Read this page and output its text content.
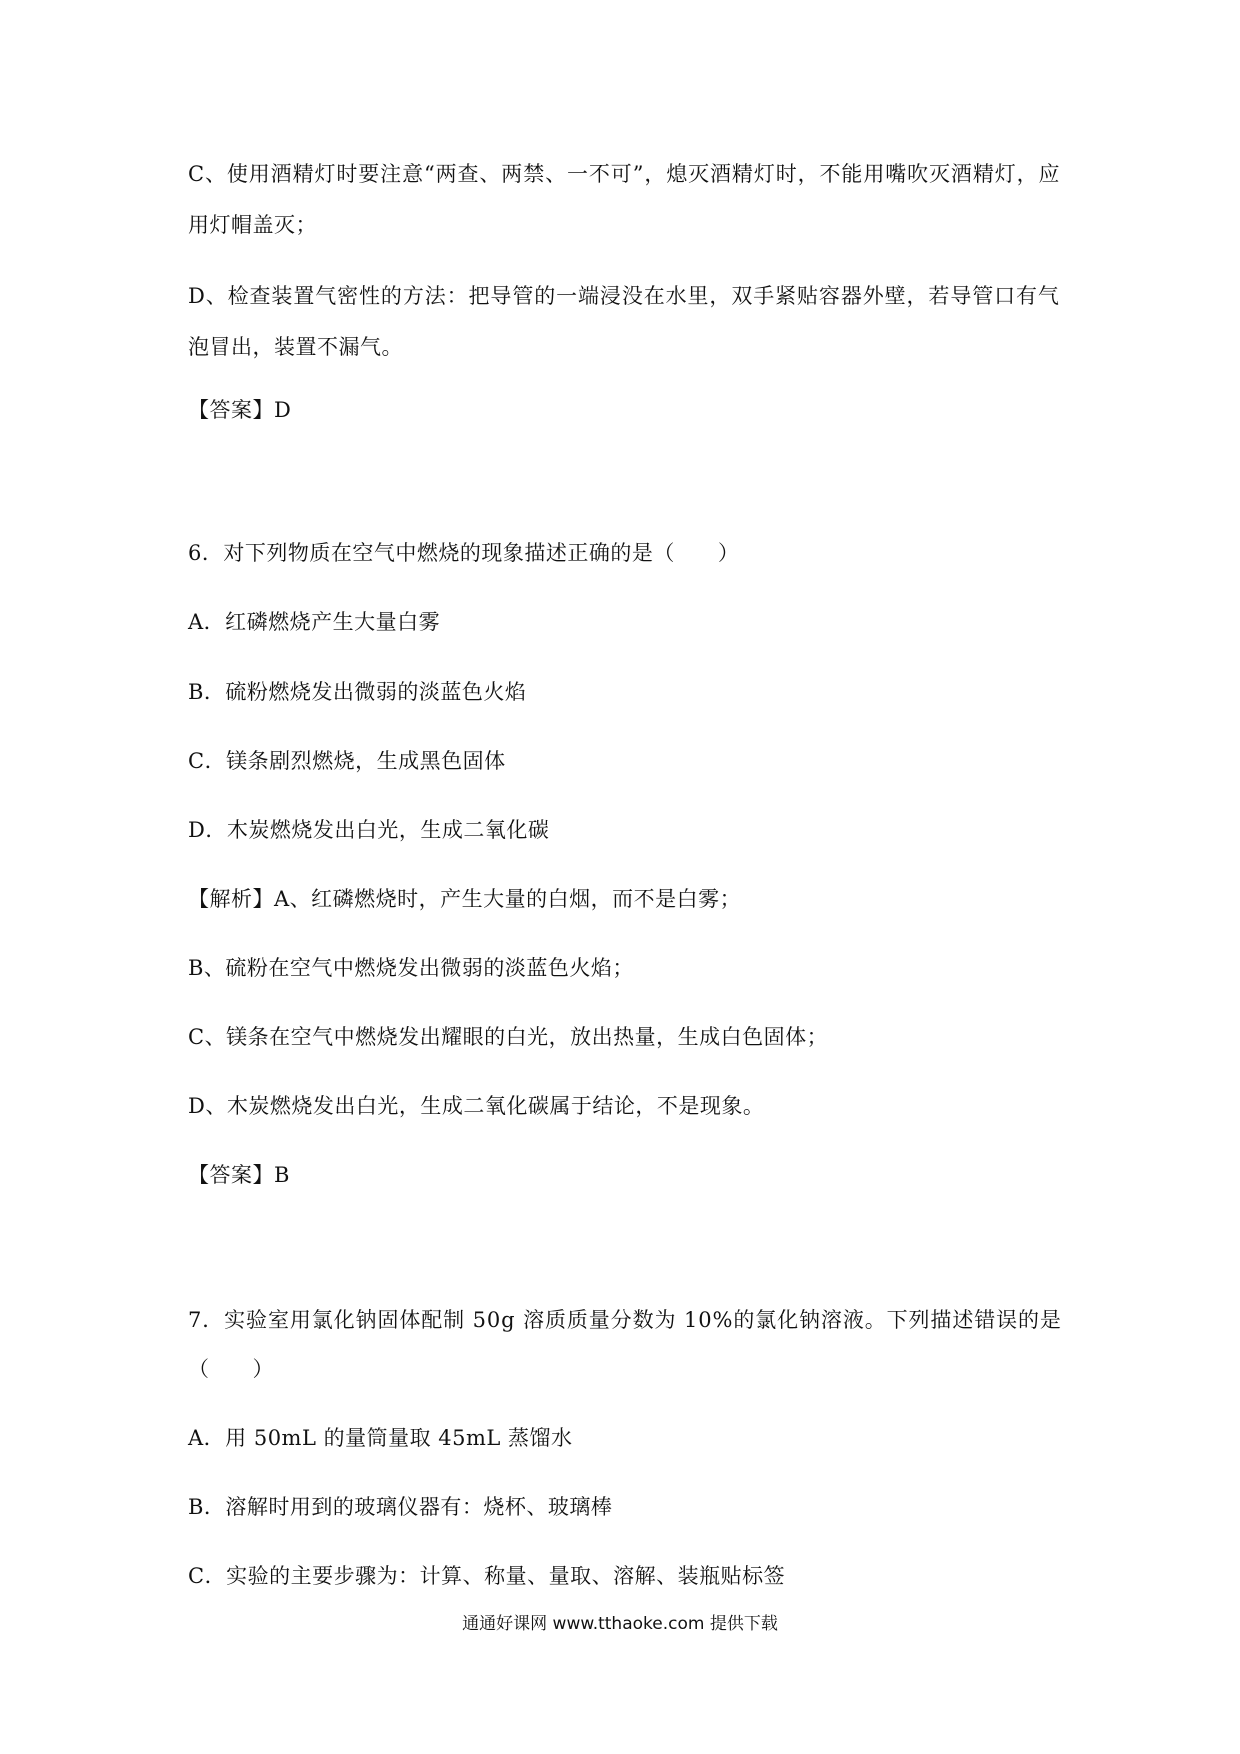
C、使用酒精灯时要注意“两查、两禁、一不可”，熄灭酒精灯时，不能用嘴吹灭酒精灯，应
用灯帽盖灭；
D、检查装置气密性的方法：把导管的一端浸没在水里，双手紧贴容器外壁，若导管口有气
泡冒出，装置不漏气。
【答案】D
6．对下列物质在空气中燃烧的现象描述正确的是（　　）
A．红磷燃烧产生大量白雾
B．硫粉燃烧发出微弱的淡蓝色火焰
C．镁条剧烈燃烧，生成黑色固体
D．木炭燃烧发出白光，生成二氧化碳
【解析】A、红磷燃烧时，产生大量的白烟，而不是白雾；
B、硫粉在空气中燃烧发出微弱的淡蓝色火焰；
C、镁条在空气中燃烧发出耀眼的白光，放出热量，生成白色固体；
D、木炭燃烧发出白光，生成二氧化碳属于结论，不是现象。
【答案】B
7．实验室用氯化钠固体配制 50g 溶质质量分数为 10%的氯化钠溶液。下列描述错误的是
（　　）
A．用 50mL 的量筒量取 45mL 蒸馏水
B．溶解时用到的玻璃仪器有：烧杯、玻璃棒
C．实验的主要步骤为：计算、称量、量取、溶解、装瓶贴标签
通通好课网 www.tthaoke.com 提供下载
